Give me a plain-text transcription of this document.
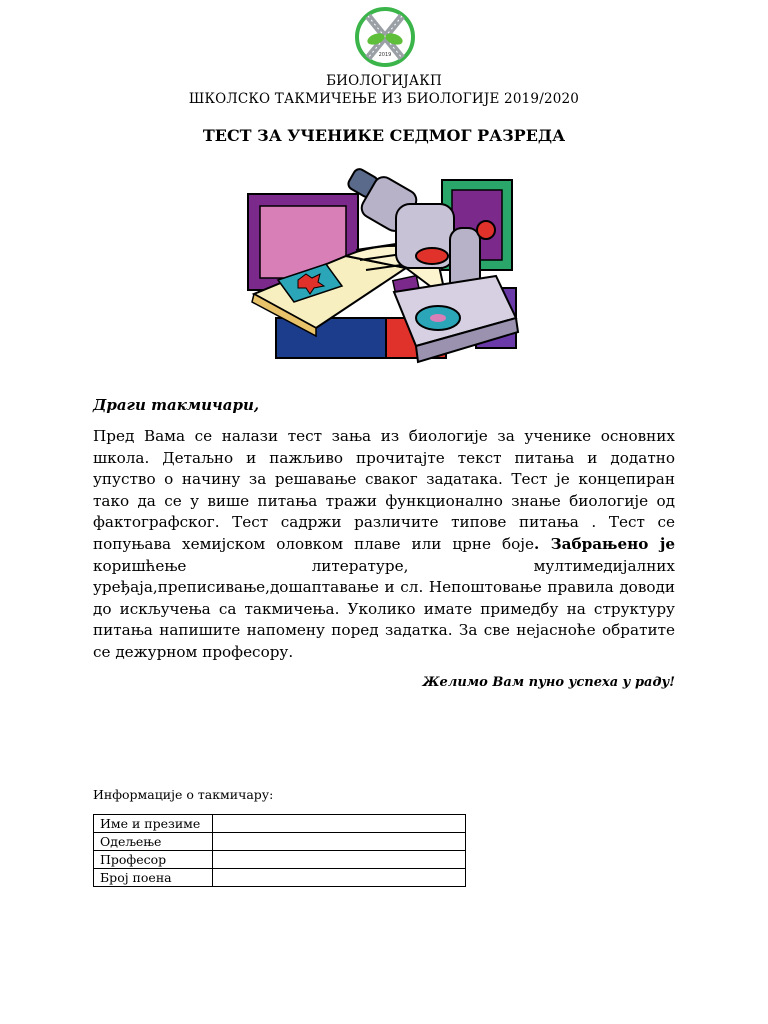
2019
БИОЛОГИЈАКП
ШКОЛСКО ТАКМИЧЕЊЕ ИЗ БИОЛОГИЈЕ 2019/2020
ТЕСТ ЗА УЧЕНИКЕ СЕДМОГ РАЗРЕДА
Драги такмичари,
Пред Вама се налази тест зања из биологије за ученике основних школа. Детаљно и пажљиво прочитајте текст питања и додатно упуство о начину за решавање сваког задатака. Тест је концепиран тако да се у више питања тражи функционално знање биологије од фактографског. Тест садржи различите типове питања . Тест се попуњава хемијском оловком плаве или црне боје. Забрањено је коришћење литературе, мултимедијалних уређаја,преписивање,дошаптавање и сл. Непоштовање правила доводи до искључења са такмичења. Уколико имате примедбу на структуру питања напишите напомену поред задатка. За све нејасноће обратите се дежурном професору.
Желимо Вам пуно успеха у раду!
Информације о такмичару:
Име и презиме	
Одељење	
Професор	
Број поена	
